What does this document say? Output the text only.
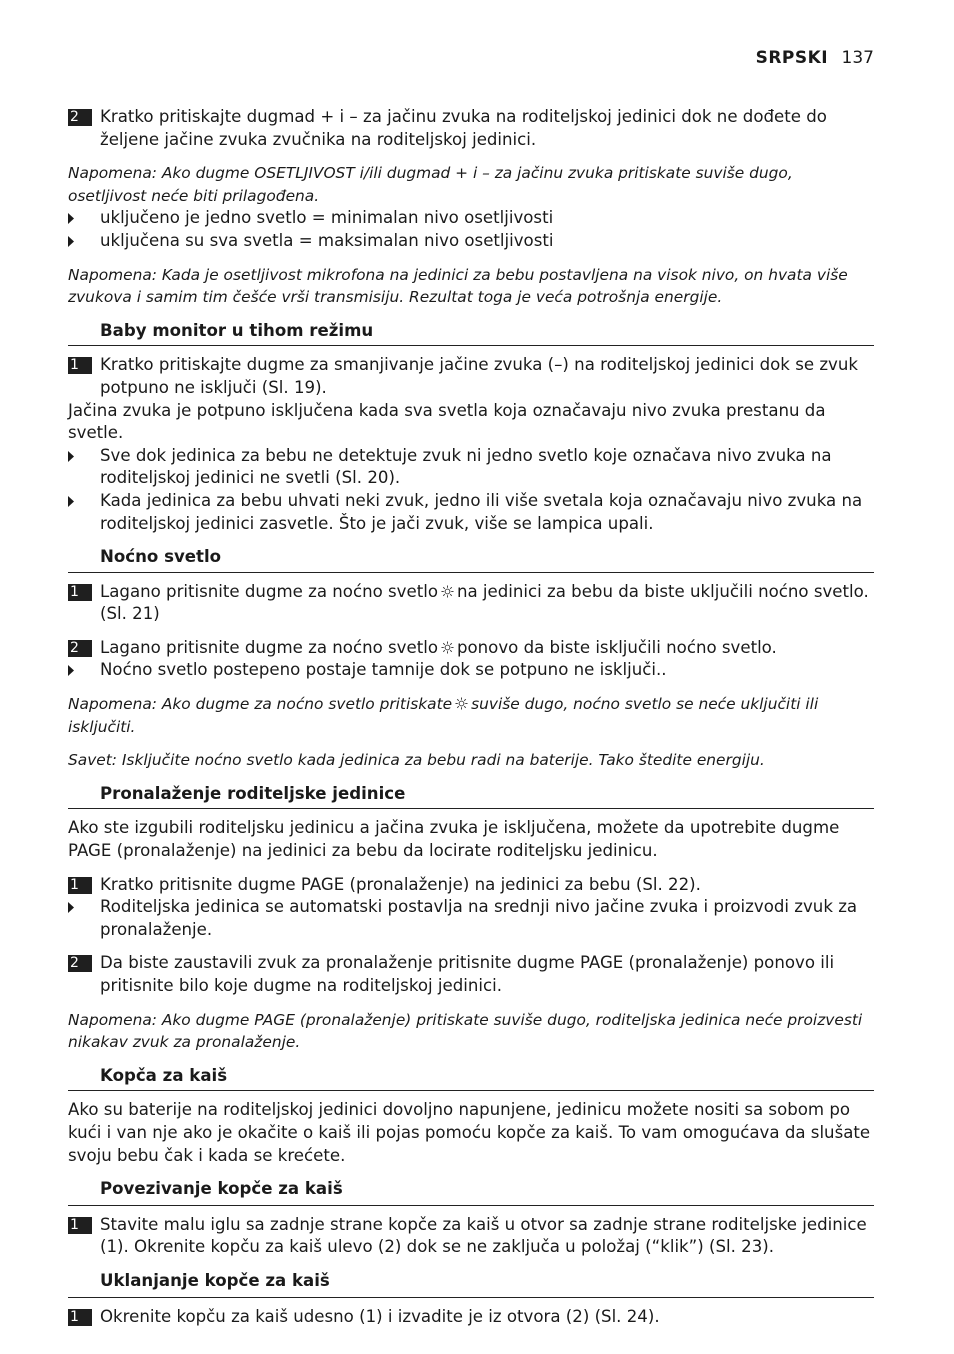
SRPSKI 137
2	Kratko pritiskajte dugmad + i – za jačinu zvuka na roditeljskoj jedinici dok ne dođete do željene jačine zvuka zvučnika na roditeljskoj jedinici.
Napomena: Ako dugme OSETLJIVOST i/ili dugmad + i – za jačinu zvuka pritiskate suviše dugo, osetljivost neće biti prilagođena.
uključeno je jedno svetlo = minimalan nivo osetljivosti
uključena su sva svetla = maksimalan nivo osetljivosti
Napomena: Kada je osetljivost mikrofona na jedinici za bebu postavljena na visok nivo, on hvata više zvukova i samim tim češće vrši transmisiju. Rezultat toga je veća potrošnja energije.
Baby monitor u tihom režimu
1	Kratko pritiskajte dugme za smanjivanje jačine zvuka (–) na roditeljskoj jedinici dok se zvuk potpuno ne isključi (Sl. 19).
Jačina zvuka je potpuno isključena kada sva svetla koja označavaju nivo zvuka prestanu da svetle.
Sve dok jedinica za bebu ne detektuje zvuk ni jedno svetlo koje označava nivo zvuka na roditeljskoj jedinici ne svetli (Sl. 20).
Kada jedinica za bebu uhvati neki zvuk, jedno ili više svetala koja označavaju nivo zvuka na roditeljskoj jedinici zasvetle. Što je jači zvuk, više se lampica upali.
Noćno svetlo
1	Lagano pritisnite dugme za noćno svetlo na jedinici za bebu da biste uključili noćno svetlo. (Sl. 21)
2	Lagano pritisnite dugme za noćno svetlo ponovo da biste isključili noćno svetlo.
Noćno svetlo postepeno postaje tamnije dok se potpuno ne isključi..
Napomena: Ako dugme za noćno svetlo pritiskate suviše dugo, noćno svetlo se neće uključiti ili isključiti.
Savet: Isključite noćno svetlo kada jedinica za bebu radi na baterije. Tako štedite energiju.
Pronalaženje roditeljske jedinice
Ako ste izgubili roditeljsku jedinicu a jačina zvuka je isključena, možete da upotrebite dugme PAGE (pronalaženje) na jedinici za bebu da locirate roditeljsku jedinicu.
1	Kratko pritisnite dugme PAGE (pronalaženje) na jedinici za bebu (Sl. 22).
Roditeljska jedinica se automatski postavlja na srednji nivo jačine zvuka i proizvodi zvuk za pronalaženje.
2	Da biste zaustavili zvuk za pronalaženje pritisnite dugme PAGE (pronalaženje) ponovo ili pritisnite bilo koje dugme na roditeljskoj jedinici.
Napomena: Ako dugme PAGE (pronalaženje) pritiskate suviše dugo, roditeljska jedinica neće proizvesti nikakav zvuk za pronalaženje.
Kopča za kaiš
Ako su baterije na roditeljskoj jedinici dovoljno napunjene, jedinicu možete nositi sa sobom po kući i van nje ako je okačite o kaiš ili pojas pomoću kopče za kaiš. To vam omogućava da slušate svoju bebu čak i kada se krećete.
Povezivanje kopče za kaiš
1	Stavite malu iglu sa zadnje strane kopče za kaiš u otvor sa zadnje strane roditeljske jedinice (1). Okrenite kopču za kaiš ulevo (2) dok se ne zaključa u položaj (“klik”) (Sl. 23).
Uklanjanje kopče za kaiš
1	Okrenite kopču za kaiš udesno (1) i izvadite je iz otvora (2) (Sl. 24).
